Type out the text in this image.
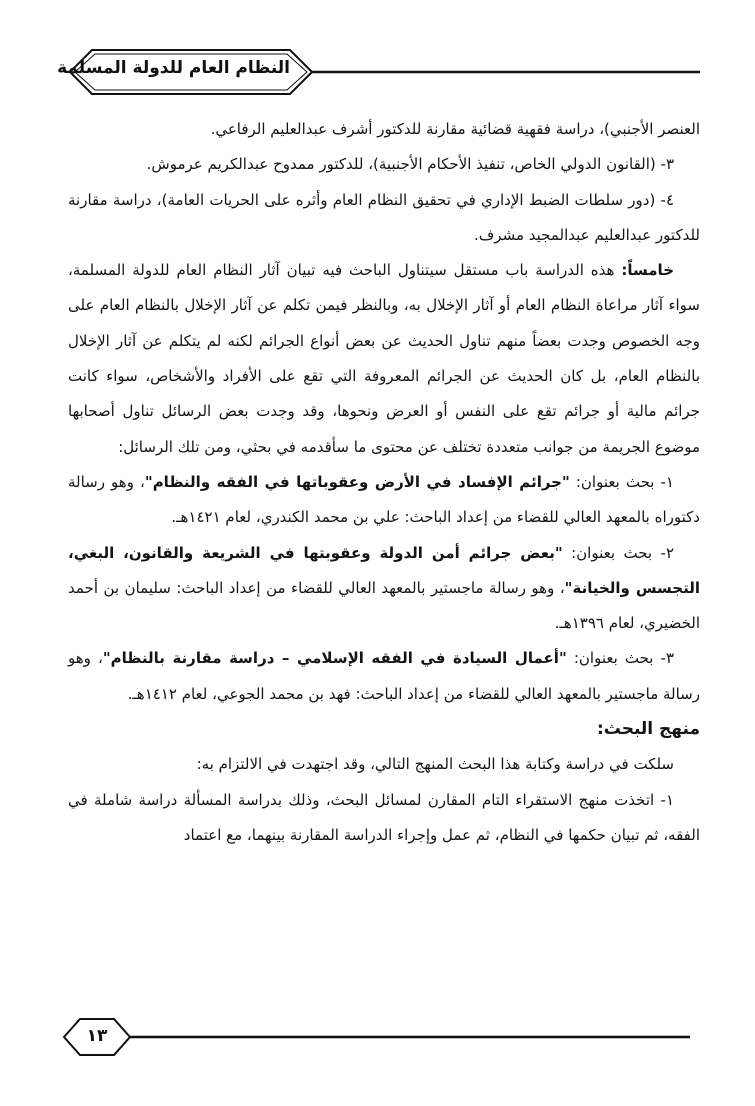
النظام العام للدولة المسلمة

العنصر الأجنبي)، دراسة فقهية قضائية مقارنة للدكتور أشرف عبدالعليم الرفاعي.

٣- (القانون الدولي الخاص، تنفيذ الأحكام الأجنبية)، للدكتور ممدوح عبدالكريم عرموش.

٤- (دور سلطات الضبط الإداري في تحقيق النظام العام وأثره على الحريات العامة)، دراسة مقارنة للدكتور عبدالعليم عبدالمجيد مشرف.

خامساً: هذه الدراسة باب مستقل سيتناول الباحث فيه تبيان آثار النظام العام للدولة المسلمة، سواء آثار مراعاة النظام العام أو آثار الإخلال به، وبالنظر فيمن تكلم عن آثار الإخلال بالنظام العام على وجه الخصوص وجدت بعضاً منهم تناول الحديث عن بعض أنواع الجرائم لكنه لم يتكلم عن آثار الإخلال بالنظام العام، بل كان الحديث عن الجرائم المعروفة التي تقع على الأفراد والأشخاص، سواء كانت جرائم مالية أو جرائم تقع على النفس أو العرض ونحوها، وقد وجدت بعض الرسائل تناول أصحابها موضوع الجريمة من جوانب متعددة تختلف عن محتوى ما سأقدمه في بحثي، ومن تلك الرسائل:

١- بحث بعنوان: "جرائم الإفساد في الأرض وعقوباتها في الفقه والنظام"، وهو رسالة دكتوراه بالمعهد العالي للقضاء من إعداد الباحث: علي بن محمد الكندري، لعام ١٤٢١هـ.

٢- بحث بعنوان: "بعض جرائم أمن الدولة وعقوبتها في الشريعة والقانون، البغي، التجسس والخيانة"، وهو رسالة ماجستير بالمعهد العالي للقضاء من إعداد الباحث: سليمان بن أحمد الخضيري، لعام ١٣٩٦هـ.

٣- بحث بعنوان: "أعمال السيادة في الفقه الإسلامي – دراسة مقارنة بالنظام"، وهو رسالة ماجستير بالمعهد العالي للقضاء من إعداد الباحث: فهد بن محمد الجوعي، لعام ١٤١٢هـ.

منهج البحث:

سلكت في دراسة وكتابة هذا البحث المنهج التالي، وقد اجتهدت في الالتزام به:

١- اتخذت منهج الاستقراء التام المقارن لمسائل البحث، وذلك بدراسة المسألة دراسة شاملة في الفقه، ثم تبيان حكمها في النظام، ثم عمل وإجراء الدراسة المقارنة بينهما، مع اعتماد

١٣
